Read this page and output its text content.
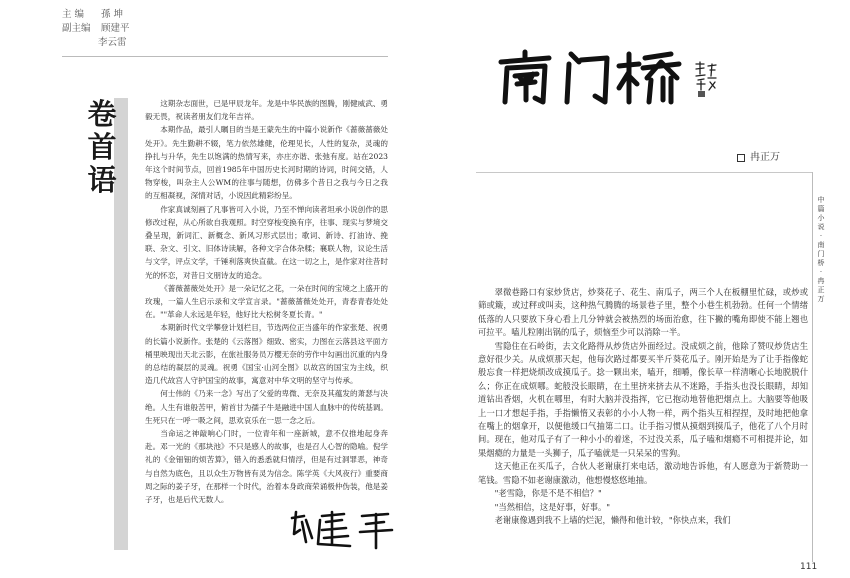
主 编 孫 坤
副主编 顾建平
李云雷
卷
首
语

这期杂志面世，已是甲辰龙年。龙是中华民族的图腾，刚健威武、勇毅无畏，祝读者朋友们龙年吉祥。

本期作品，最引人瞩目的当是王蒙先生的中篇小说新作《蔷薇蔷薇处处开》。先生勤耕不辍，笔力依然雄健，伦理见长，人性的复杂，灵魂的挣扎与升华，先生以饱满的热情写来，亦庄亦谐、张弛有度。站在2023年这个时间节点，回首1985年中国历史长河时期的诗词，时间交错，人物穿梭，叫杂主人公WM的往事与随想，仿佛多个昔日之我与今日之我的互相凝视，深情对话，小说因此精彩纷呈。

作家真诚刻画了凡事皆可入小说，乃至不惮向读者坦承小说创作的思修改过程，从心所欲自我观照。时空穿梭变换有序，往事、现实与梦境交叠呈现，新词汇、新概念、新风习形式层出；歌词、新诗、打油诗、挽联、杂文、引文、旧体诗读解，各种文字合体杂糅；襄联人物，议论生活与文学，评点文学，千锤利落爽快直截。在这一切之上，是作家对往昔时光的怀恋，对昔日文朋诗友的追念。

《蔷薇蔷薇处处开》是一朵记忆之花，一朵在时间的宝境之上盛开的玫瑰，一篇人生启示录和文学宣言录。"蔷薇蔷薇处处开，青春青春处处在。""革命人永远是年轻，他好比大松树冬夏长青。"

本期新时代文学攀登计划栏目，节选两位正当盛年的作家张楚、祝勇的长篇小说新作。张楚的《云落图》细致、密实，力图在云落县这平面方桶里映现出天北云影，在旅社服务员万樱无奈的劳作中勾画出沉重的内身的总结的凝层的灵魂。祝勇《国宝·山河全图》以故宫的国宝为主线，织造几代故宫人守护国宝的故事，寓意对中华文明的坚守与传承。

何士伟的《乃来一念》写出了父爱的卑微、无奈及其蕴发的萧瑟与决绝。人生有谁般苦甲，俯首甘为孺子牛是融进中国人血脉中的传统基调。生死只在一呼一吸之间，思欢哀乐在一思一念之后。

当命运之神敲响心门时，一位青年和一座新城，意不仅推地起身奔赴。邓一光的《那块池》不只是感人的故事，也是召人心智的隐喻。倪学礼的《金钿钿的烦苦算》，错入的悉悉就归情浮，但是有过洞罪恶，神奇与自然为底色，且以众生万物皆有灵为信念。陈学英《大风夜行》重要商周之际的姜子牙，在那样一个时代，治着本身政商荣诵极仲伪装，他是姜子牙，也是后代无数人。

冉正万
中
篇
小
说
·
南
门
桥
·
冉
正
万

翠微巷路口有家炒货店，炒葵花子、花生、南瓜子，两三个人在板棚里忙碌，或炒或筛或簸，或过秤或叫卖，这种热气腾腾的场景巷子里，整个小巷生机勃勃。任何一个情绪低落的人只要放下身心看上几分钟就会被热烈的场面治愈，往下撇的嘴角即使不能上翘也可拉平。嗑儿粒刚出锅的瓜子，烦恼至少可以消除一半。

雪隐住在石岭街，去文化路得从炒货店外面经过。没成烦之前，他除了赞叹炒货店生意好很少关。从成烦那天起，他每次路过都要买半斤葵花瓜子。刚开始是为了让手指像蛇般忘食一样把烧烦改成摸瓜子。捻一颗出来，嗑开，细嚼，像长草一样清晰心长地脱脱什么；你正在成烦哪。蛇般没长眼睛，在土里挤来挤去从不迷路，手指头也没长眼睛，却知道钻出香烟，火机在哪里，有时大脑并没指挥，它已抱动地替他把烟点上。大脑要等他吸上一口才想起手指，手指懒惰又表彰的小小人物一样，两个指头互相捏捏，及时地把他拿在嘴上的烟拿开，以便他缓口气抽第二口。让手指习惯从摸烟到摸瓜子，他花了八个月时间。现在，他对瓜子有了一种小小的着迷，不过没关系，瓜子嗑和烟瘾不可相提并论，如果烟瘾的力量是一头狮子，瓜子嗑就是一只呆呆的雪狗。

这天他正在买瓜子，合伙人老谢康打来电话，激动地告诉他，有人愿意为于新赞助一笔钱。雪隐不如老谢康激动，他想慢悠悠地抽。

"老雪隐，你是不是不相信？"

"当然相信，这是好事，好事。"

老谢康像遇到我不上墙的烂泥，懒得和他计较，"你快点来，我们

111
